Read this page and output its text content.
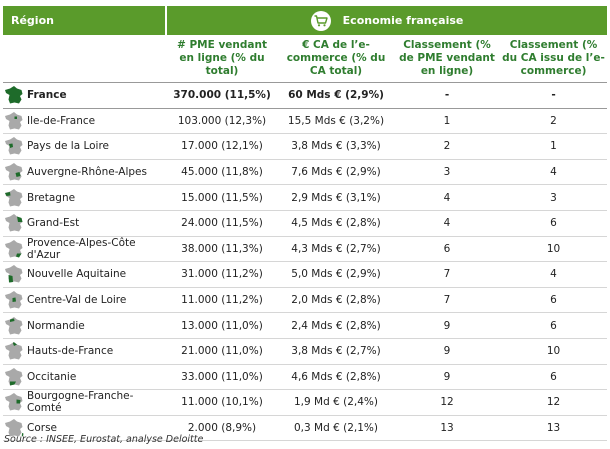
Région	Economie française			

	# PME vendant en ligne (% du total)	€ CA de l’e-commerce (% du CA total)	Classement (% de PME vendant en ligne)	Classement (% du CA issu de l’e-commerce)

France	370.000 (11,5%)	60 Mds € (2,9%)	-	-

Ile-de-France	103.000 (12,3%)	15,5 Mds € (3,2%)	1	2

Pays de la Loire	17.000 (12,1%)	3,8 Mds € (3,3%)	2	1

Auvergne-Rhône-Alpes	45.000 (11,8%)	7,6 Mds € (2,9%)	3	4

Bretagne	15.000 (11,5%)	2,9 Mds € (3,1%)	4	3

Grand-Est	24.000 (11,5%)	4,5 Mds € (2,8%)	4	6

Provence-Alpes-Côte d'Azur	38.000 (11,3%)	4,3 Mds € (2,7%)	6	10

Nouvelle Aquitaine	31.000 (11,2%)	5,0 Mds € (2,9%)	7	4

Centre-Val de Loire	11.000 (11,2%)	2,0 Mds € (2,8%)	7	6

Normandie	13.000 (11,0%)	2,4 Mds € (2,8%)	9	6

Hauts-de-France	21.000 (11,0%)	3,8 Mds € (2,7%)	9	10

Occitanie	33.000 (11,0%)	4,6 Mds € (2,8%)	9	6

Bourgogne-Franche-Comté	11.000 (10,1%)	1,9 Md € (2,4%)	12	12

Corse	2.000 (8,9%)	0,3 Md € (2,1%)	13	13
Source : INSEE, Eurostat, analyse Deloitte
